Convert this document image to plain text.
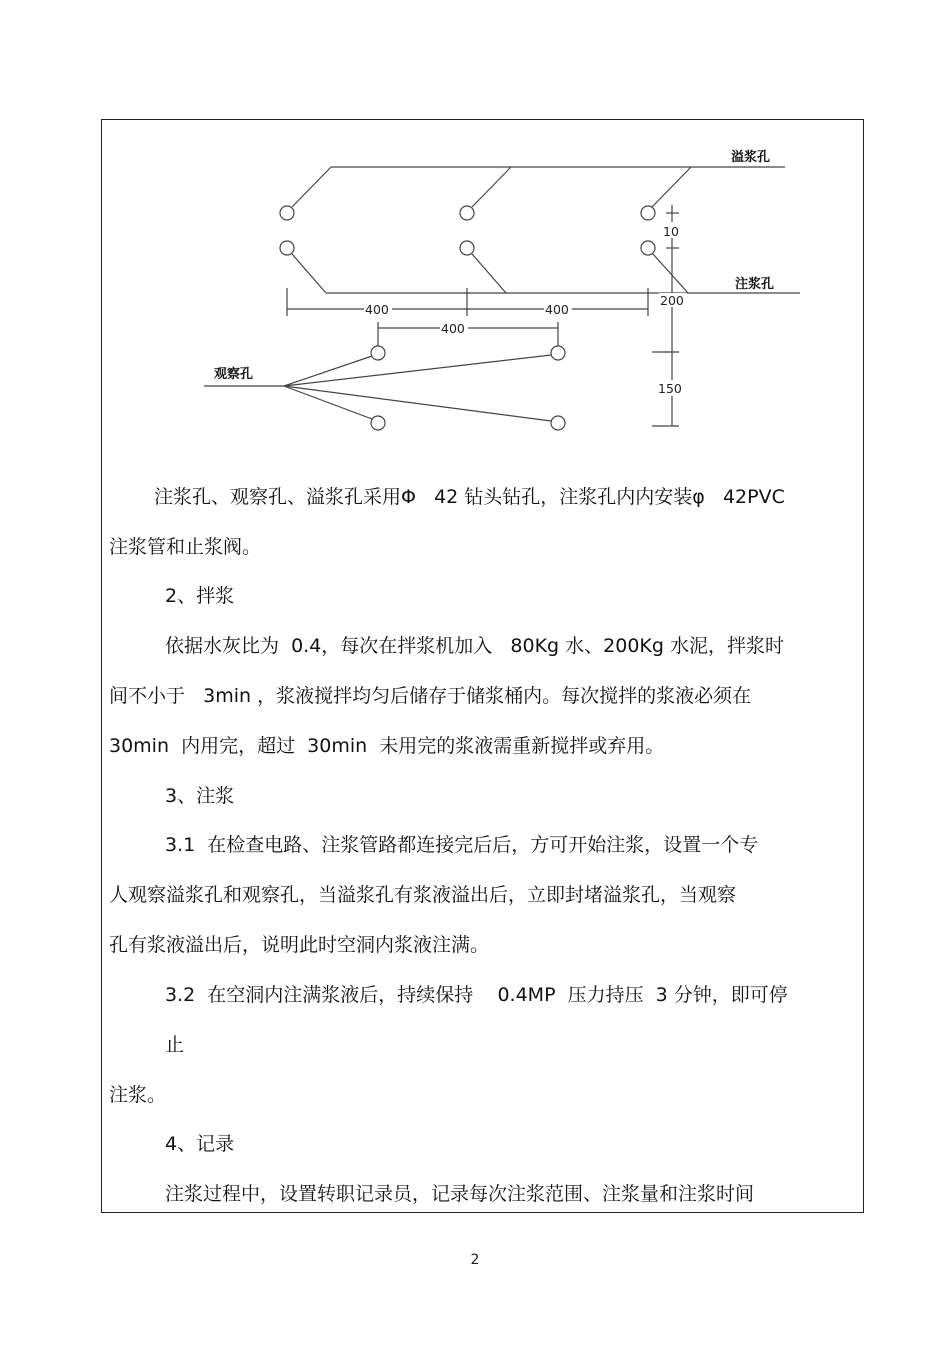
溢浆孔
注浆孔
观察孔
10
200
150
400	400
400
注浆孔、观察孔、溢浆孔采用Φ   42 钻头钻孔，注浆孔内内安装φ   42PVC
注浆管和止浆阀。
2、拌浆
依据水灰比为  0.4，每次在拌浆机加入   80Kg 水、200Kg 水泥，拌浆时
间不小于   3min ，浆液搅拌均匀后储存于储浆桶内。每次搅拌的浆液必须在
30min  内用完，超过  30min  未用完的浆液需重新搅拌或弃用。
3、注浆
3.1  在检查电路、注浆管路都连接完后后，方可开始注浆，设置一个专
人观察溢浆孔和观察孔，当溢浆孔有浆液溢出后，立即封堵溢浆孔，当观察
孔有浆液溢出后，说明此时空洞内浆液注满。
3.2  在空洞内注满浆液后，持续保持    0.4MP  压力持压  3 分钟，即可停
止
注浆。
4、记录
注浆过程中，设置转职记录员，记录每次注浆范围、注浆量和注浆时间
2
